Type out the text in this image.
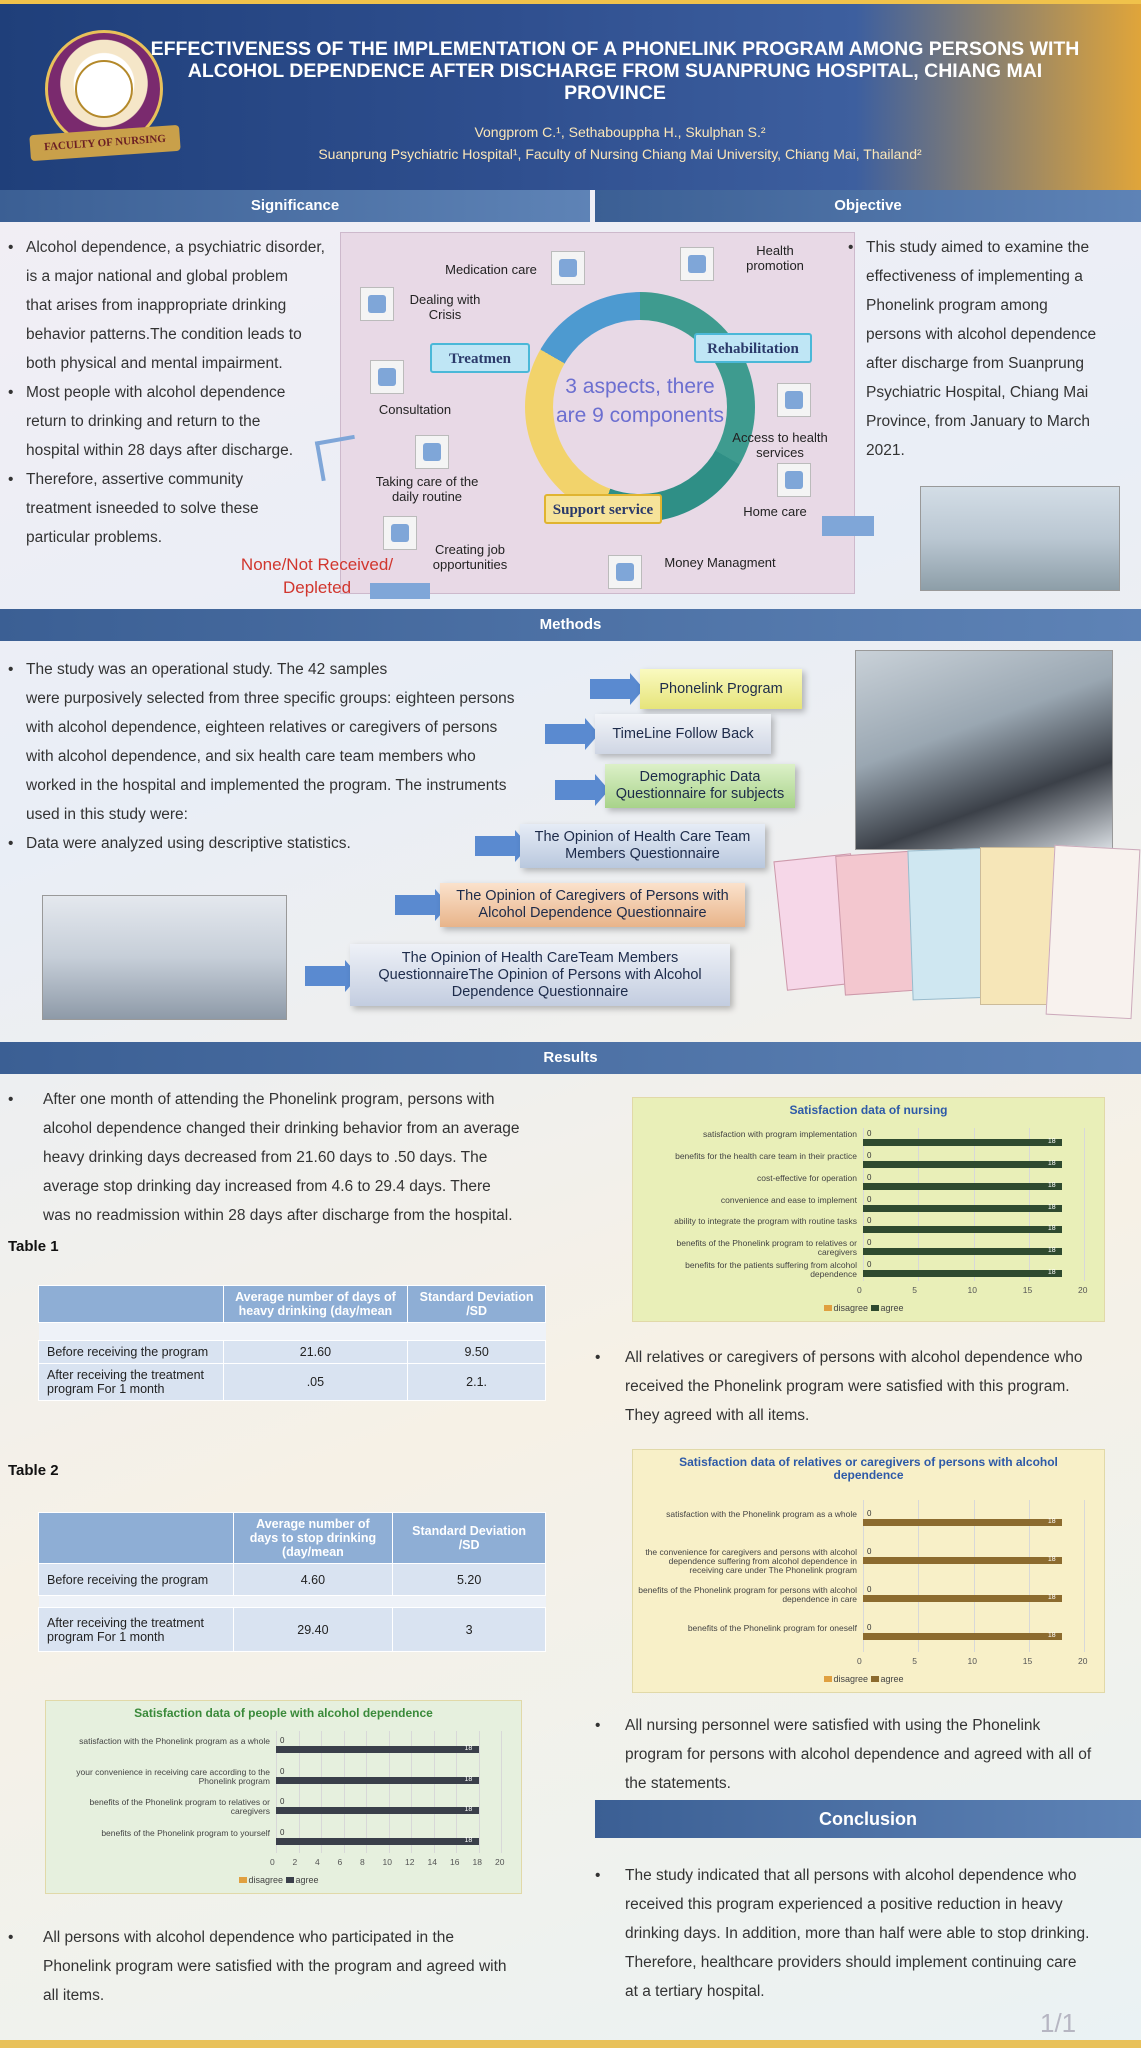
FACULTY OF NURSING
EFFECTIVENESS OF THE IMPLEMENTATION OF A PHONELINK PROGRAM AMONG PERSONS WITH
ALCOHOL DEPENDENCE AFTER DISCHARGE FROM SUANPRUNG HOSPITAL, CHIANG MAI
PROVINCE
Vongprom C.¹, Sethabouppha H., Skulphan S.²
Suanprung Psychiatric Hospital¹, Faculty of Nursing Chiang Mai University, Chiang Mai, Thailand²
Significance	Objective
• Alcohol dependence, a psychiatric disorder,
is a major national and global problem
that arises from inappropriate drinking
behavior patterns.The condition leads to
both physical and mental impairment.
• Most people with alcohol dependence
return to drinking and return to the
hospital within 28 days after discharge.
• Therefore, assertive community
treatment isneeded to solve these
particular problems.
3 aspects, there
are 9 components
Treatmen
Rehabilitation
Support service
Medication care
Dealing with Crisis
Consultation
Taking care of the daily routine
Creating job opportunities
Health promotion
Access to health services
Home care
Money Managment
None/Not Received/
Depleted
• This study aimed to examine the
effectiveness of implementing a
Phonelink program among
persons with alcohol dependence
after discharge from Suanprung
Psychiatric Hospital, Chiang Mai
Province, from January to March
2021.
Methods
• The study was an operational study. The 42 samples
were purposively selected from three specific groups: eighteen persons
with alcohol dependence, eighteen relatives or caregivers of persons
with alcohol dependence, and six health care team members who
worked in the hospital and implemented the program. The instruments
used in this study were:
• Data were analyzed using descriptive statistics.
Phonelink Program
TimeLine Follow Back
Demographic Data Questionnaire for subjects
The Opinion of Health Care Team Members Questionnaire
The Opinion of Caregivers of Persons with Alcohol Dependence Questionnaire
The Opinion of Health CareTeam Members QuestionnaireThe Opinion of Persons with Alcohol Dependence Questionnaire
Results
• After one month of attending the Phonelink program, persons with
alcohol dependence changed their drinking behavior from an average
heavy drinking days decreased from 21.60 days to .50 days. The
average stop drinking day increased from 4.6 to 29.4 days. There
was no readmission within 28 days after discharge from the hospital.
Table 1
	Average number of days of heavy drinking (day/mean	Standard Deviation /SD

Before receiving the program	21.60	9.50
After receiving the treatment program For 1 month	.05	2.1.
Table 2
	Average number of days to stop drinking (day/mean	Standard Deviation /SD
Before receiving the program	4.60	5.20

After receiving the treatment program For 1 month	29.40	3
Satisfaction data of nursing
0	5	10	15	20
satisfaction with program implementation
18
0
benefits for the health care team in their practice
18
0
cost-effective for operation
18
0
convenience and ease to implement
18
0
ability to integrate the program with routine tasks
18
0
benefits of the Phonelink program to relatives or caregivers	18
0
benefits for the patients suffering from alcohol dependence	18
0
disagree agree
Satisfaction data of relatives or caregivers of persons with alcohol dependence
0	5	10	15	20
satisfaction with the Phonelink program as a whole
18
0
the convenience for caregivers and persons with alcohol dependence suffering from alcohol dependence in receiving care under The Phonelink program
18
0
benefits of the Phonelink program for persons with alcohol dependence in care	18
0
benefits of the Phonelink program for oneself
18
0
disagree agree
Satisfaction data of people with alcohol dependence
0 2 4 6 8 10 12 14 16 18 20
satisfaction with the Phonelink program as a whole
18
0
your convenience in receiving care according to the Phonelink program	18
0
benefits of the Phonelink program to relatives or caregivers	18
0
benefits of the Phonelink program to yourself
18
0
disagree agree
• All relatives or caregivers of persons with alcohol dependence who
received the Phonelink program were satisfied with this program.
They agreed with all items.
• All nursing personnel were satisfied with using the Phonelink
program for persons with alcohol dependence and agreed with all of
the statements.
• All persons with alcohol dependence who participated in the
Phonelink program were satisfied with the program and agreed with
all items.
Conclusion
• The study indicated that all persons with alcohol dependence who
received this program experienced a positive reduction in heavy
drinking days. In addition, more than half were able to stop drinking.
Therefore, healthcare providers should implement continuing care
at a tertiary hospital.
1/1
